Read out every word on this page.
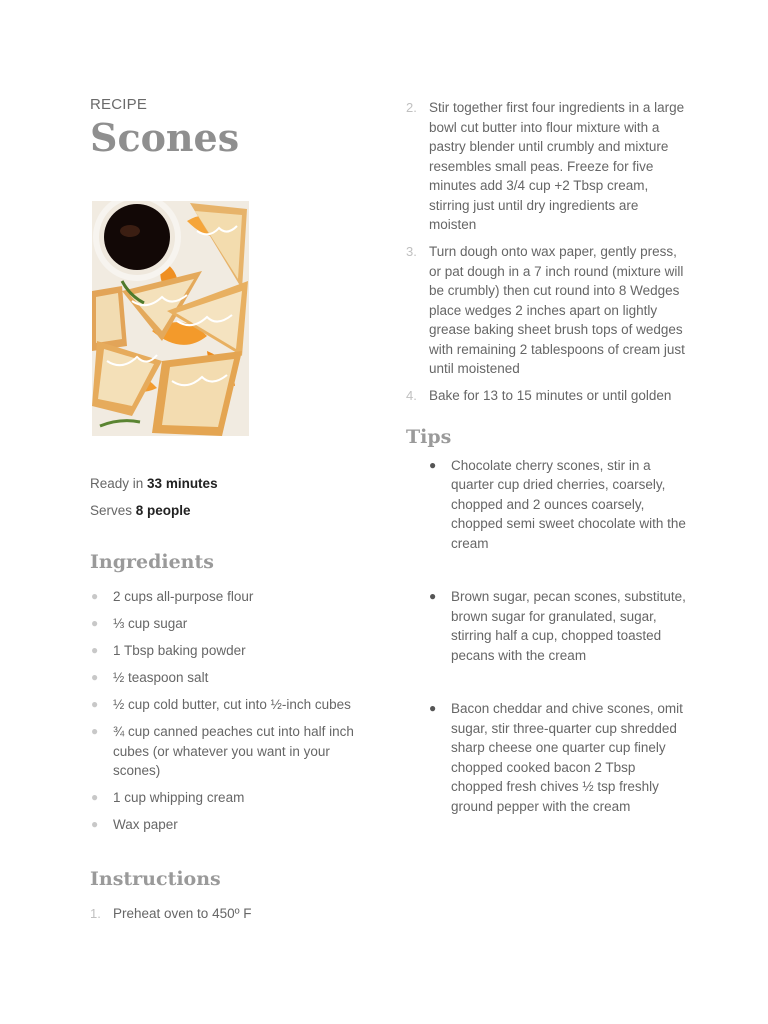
RECIPE
Scones
Ready in 33 minutes
Serves 8 people
Ingredients
● 2 cups all-purpose flour
● ⅓ cup sugar
● 1 Tbsp baking powder
● ½ teaspoon salt
● ½ cup cold butter, cut into ½-inch cubes
● ¾ cup canned peaches cut into half inch cubes (or whatever you want in your scones)
● 1 cup whipping cream
● Wax paper
Instructions
1. Preheat oven to 450º F
2. Stir together first four ingredients in a large bowl cut butter into flour mixture with a pastry blender until crumbly and mixture resembles small peas. Freeze for five minutes add 3/4 cup +2 Tbsp cream, stirring just until dry ingredients are moisten
3. Turn dough onto wax paper, gently press, or pat dough in a 7 inch round (mixture will be crumbly) then cut round into 8 Wedges place wedges 2 inches apart on lightly grease baking sheet brush tops of wedges with remaining 2 tablespoons of cream just until moistened
4. Bake for 13 to 15 minutes or until golden
Tips
● Chocolate cherry scones, stir in a quarter cup dried cherries, coarsely, chopped and 2 ounces coarsely, chopped semi sweet chocolate with the cream
● Brown sugar, pecan scones, substitute, brown sugar for granulated, sugar, stirring half a cup, chopped toasted pecans with the cream
● Bacon cheddar and chive scones, omit sugar, stir three-quarter cup shredded sharp cheese one quarter cup finely chopped cooked bacon 2 Tbsp chopped fresh chives ½ tsp freshly ground pepper with the cream
